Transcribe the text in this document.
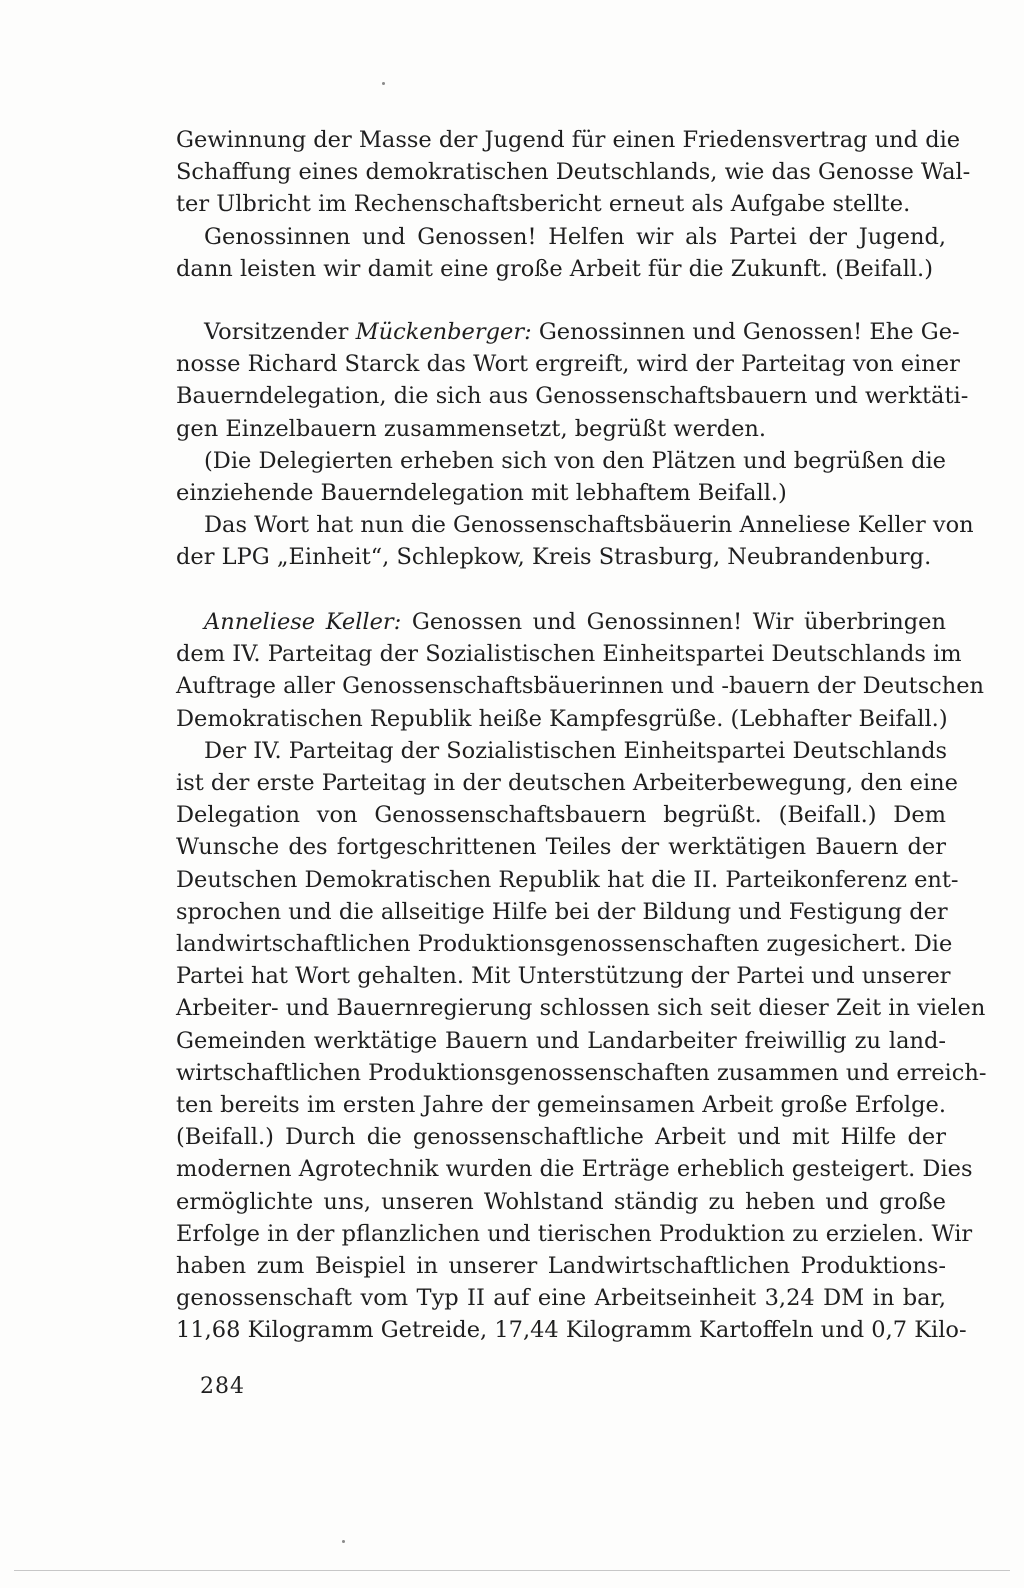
Gewinnung der Masse der Jugend für einen Friedensvertrag und die
Schaffung eines demokratischen Deutschlands, wie das Genosse Wal-
ter Ulbricht im Rechenschaftsbericht erneut als Aufgabe stellte.
Genossinnen und Genossen! Helfen wir als Partei der Jugend,
dann leisten wir damit eine große Arbeit für die Zukunft. (Beifall.)
Vorsitzender Mückenberger: Genossinnen und Genossen! Ehe Ge-
nosse Richard Starck das Wort ergreift, wird der Parteitag von einer
Bauerndelegation, die sich aus Genossenschaftsbauern und werktäti-
gen Einzelbauern zusammensetzt, begrüßt werden.
(Die Delegierten erheben sich von den Plätzen und begrüßen die
einziehende Bauerndelegation mit lebhaftem Beifall.)
Das Wort hat nun die Genossenschaftsbäuerin Anneliese Keller von
der LPG „Einheit“, Schlepkow, Kreis Strasburg, Neubrandenburg.
Anneliese Keller: Genossen und Genossinnen! Wir überbringen
dem IV. Parteitag der Sozialistischen Einheitspartei Deutschlands im
Auftrage aller Genossenschaftsbäuerinnen und -bauern der Deutschen
Demokratischen Republik heiße Kampfesgrüße. (Lebhafter Beifall.)
Der IV. Parteitag der Sozialistischen Einheitspartei Deutschlands
ist der erste Parteitag in der deutschen Arbeiterbewegung, den eine
Delegation von Genossenschaftsbauern begrüßt. (Beifall.) Dem
Wunsche des fortgeschrittenen Teiles der werktätigen Bauern der
Deutschen Demokratischen Republik hat die II. Parteikonferenz ent-
sprochen und die allseitige Hilfe bei der Bildung und Festigung der
landwirtschaftlichen Produktionsgenossenschaften zugesichert. Die
Partei hat Wort gehalten. Mit Unterstützung der Partei und unserer
Arbeiter- und Bauernregierung schlossen sich seit dieser Zeit in vielen
Gemeinden werktätige Bauern und Landarbeiter freiwillig zu land-
wirtschaftlichen Produktionsgenossenschaften zusammen und erreich-
ten bereits im ersten Jahre der gemeinsamen Arbeit große Erfolge.
(Beifall.) Durch die genossenschaftliche Arbeit und mit Hilfe der
modernen Agrotechnik wurden die Erträge erheblich gesteigert. Dies
ermöglichte uns, unseren Wohlstand ständig zu heben und große
Erfolge in der pflanzlichen und tierischen Produktion zu erzielen. Wir
haben zum Beispiel in unserer Landwirtschaftlichen Produktions-
genossenschaft vom Typ II auf eine Arbeitseinheit 3,24 DM in bar,
11,68 Kilogramm Getreide, 17,44 Kilogramm Kartoffeln und 0,7 Kilo-
284
